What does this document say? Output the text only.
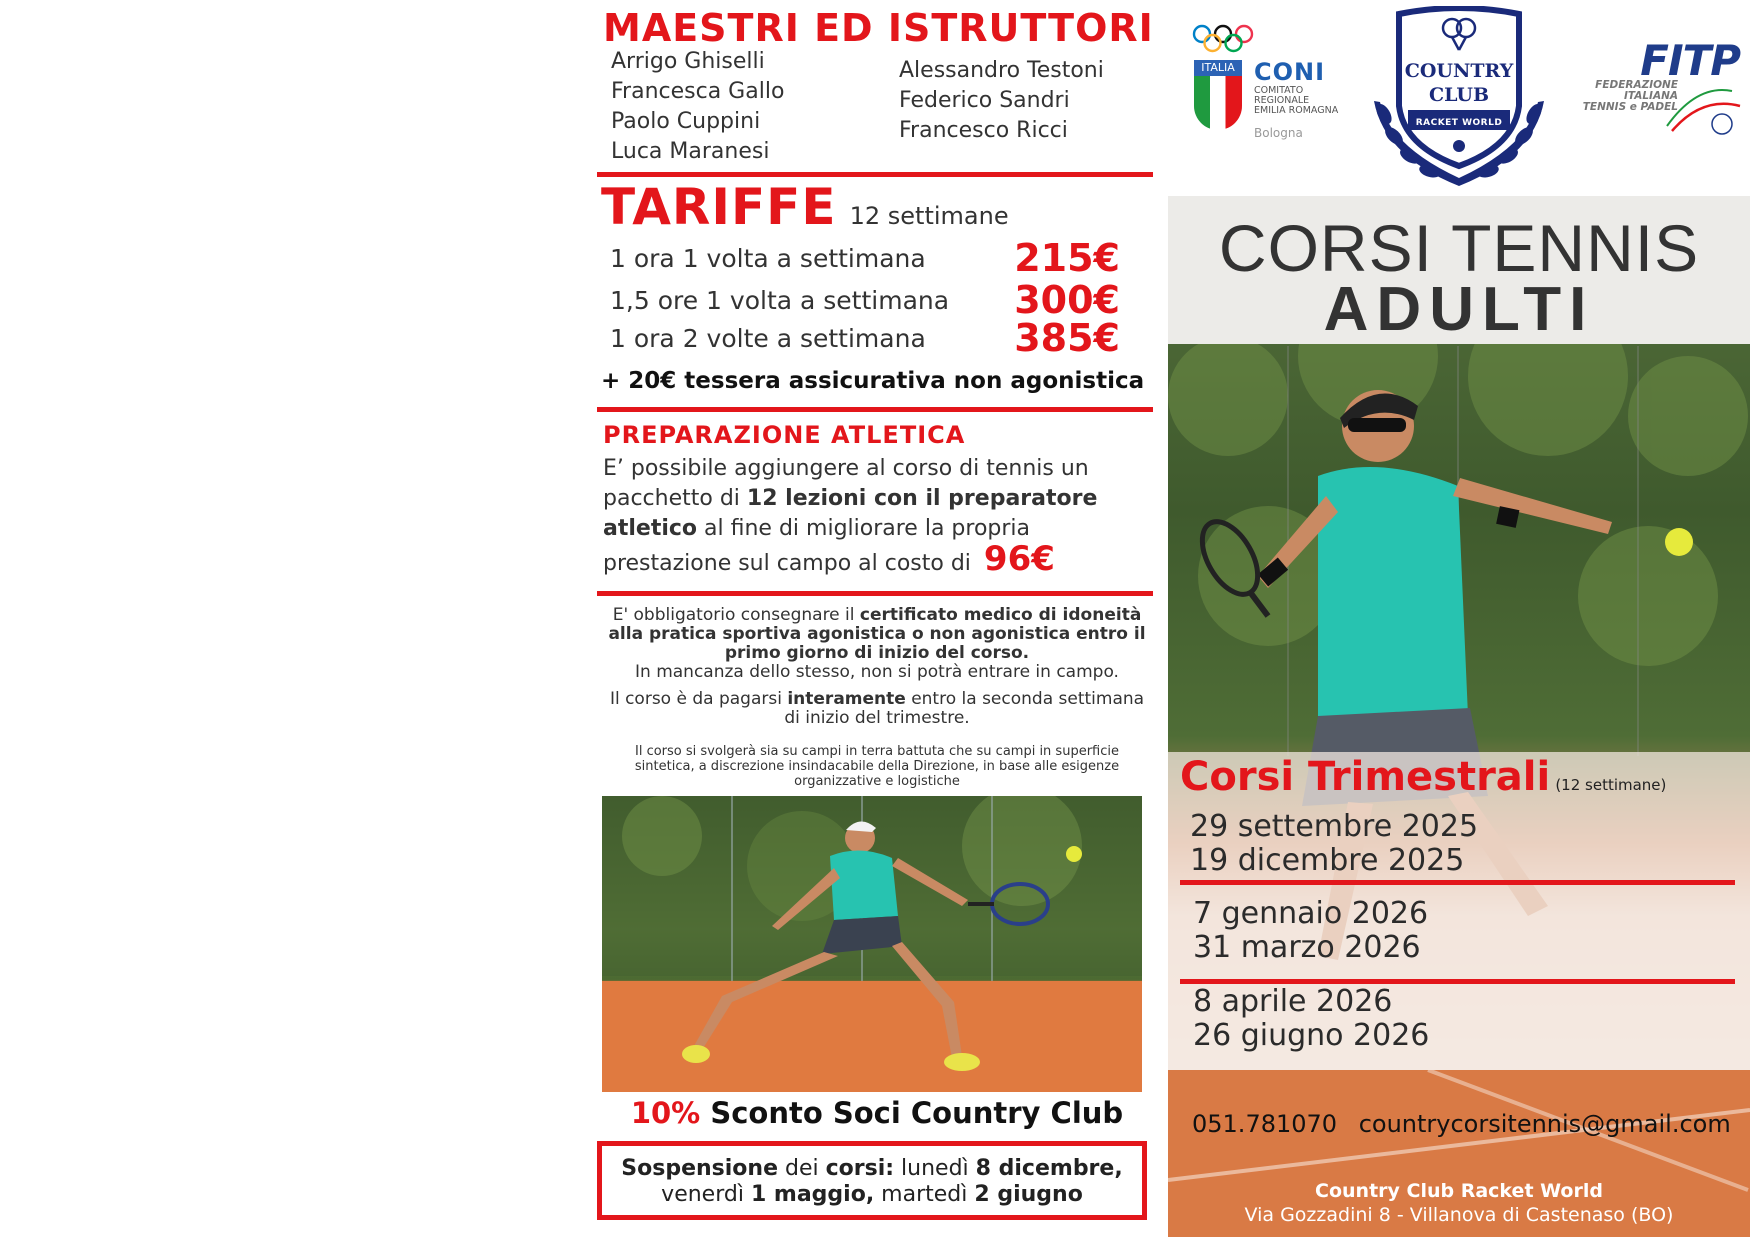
MAESTRI ED ISTRUTTORI
Arrigo Ghiselli
Francesca Gallo
Paolo Cuppini
Luca Maranesi
Alessandro Testoni
Federico Sandri
Francesco Ricci
TARIFFE 12 settimane
1 ora 1 volta a settimana 215€
1,5 ore 1 volta a settimana 300€
1 ora 2 volte a settimana 385€
+ 20€ tessera assicurativa non agonistica
PREPARAZIONE ATLETICA
E’ possibile aggiungere al corso di tennis un pacchetto di 12 lezioni con il preparatore atletico al fine di migliorare la propria prestazione sul campo al costo di 96€
E' obbligatorio consegnare il certificato medico di idoneità alla pratica sportiva agonistica o non agonistica entro il primo giorno di inizio del corso.
In mancanza dello stesso, non si potrà entrare in campo.
Il corso è da pagarsi interamente entro la seconda settimana di inizio del trimestre.
Il corso si svolgerà sia su campi in terra battuta che su campi in superficie sintetica, a discrezione insindacabile della Direzione, in base alle esigenze organizzative e logistiche
10% Sconto Soci Country Club
Sospensione dei corsi: lunedì 8 dicembre,
venerdì 1 maggio, martedì 2 giugno
ITALIA CONI
COMITATO
REGIONALE
EMILIA ROMAGNA
Bologna
COUNTRY
CLUB
RACKET WORLD
FITP
FEDERAZIONE
ITALIANA
TENNIS e PADEL
CORSI TENNIS
ADULTI
Corsi Trimestrali (12 settimane)
29 settembre 2025
19 dicembre 2025
7 gennaio 2026
31 marzo 2026
8 aprile 2026
26 giugno 2026
051.781070 countrycorsitennis@gmail.com
Country Club Racket World
Via Gozzadini 8 - Villanova di Castenaso (BO)
